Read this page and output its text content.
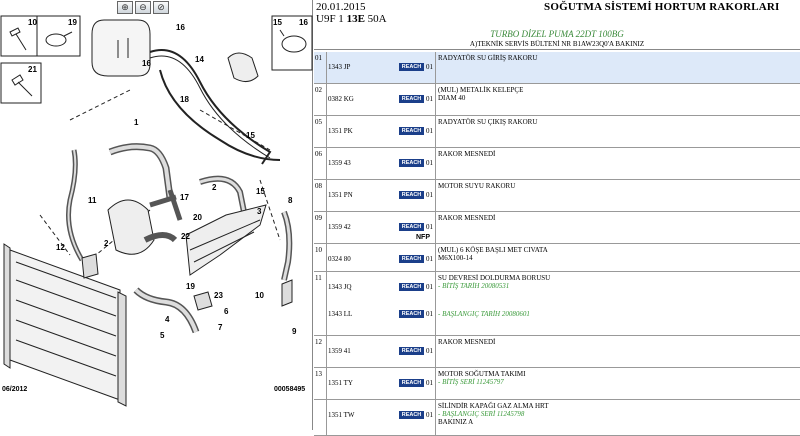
10	19	15 16
21
16
14
16
18
1
15
11
2
17
20
15
3
8
2
22
12
23
19
10
4
5
6
7	9
⊕	⊖	⊘
06/2012	00058495
20.01.2015
U9F 1 13E 50A
SOĞUTMA SİSTEMİ HORTUM RAKORLARI
TURBO DİZEL PUMA 22DT 100BG
A)TEKNİK SERVİS BÜLTENİ NR B1AW23Q0'A BAKINIZ
01
1343 JP	REACH 01
RADYATÖR SU GİRİŞ RAKORU
02
0382 KG	REACH 01
(MUL) METALİK KELEPÇE
DIAM 40
05
1351 PK	REACH 01
RADYATÖR SU ÇIKIŞ RAKORU
06
1359 43	REACH 01
RAKOR MESNEDİ
08
1351 PN	REACH 01
MOTOR SUYU RAKORU
09
1359 42	REACH 01
NFP
RAKOR MESNEDİ
10
0324 80	REACH 01
(MUL) 6 KÖŞE BAŞLI MET CIVATA
M6X100-14
11
1343 JQ	REACH 01
SU DEVRESİ DOLDURMA BORUSU
- BİTİŞ TARİH 20080531
1343 LL	REACH 01 - BAŞLANGIÇ TARİH 20080601
12
1359 41	REACH 01
RAKOR MESNEDİ
13
1351 TY	REACH 01
MOTOR SOĞUTMA TAKIMI
- BİTİŞ SERİ 11245797
1351 TW	REACH 01
SİLİNDİR KAPAĞI GAZ ALMA HRT
- BAŞLANGIÇ SERİ 11245798
BAKINIZ A
